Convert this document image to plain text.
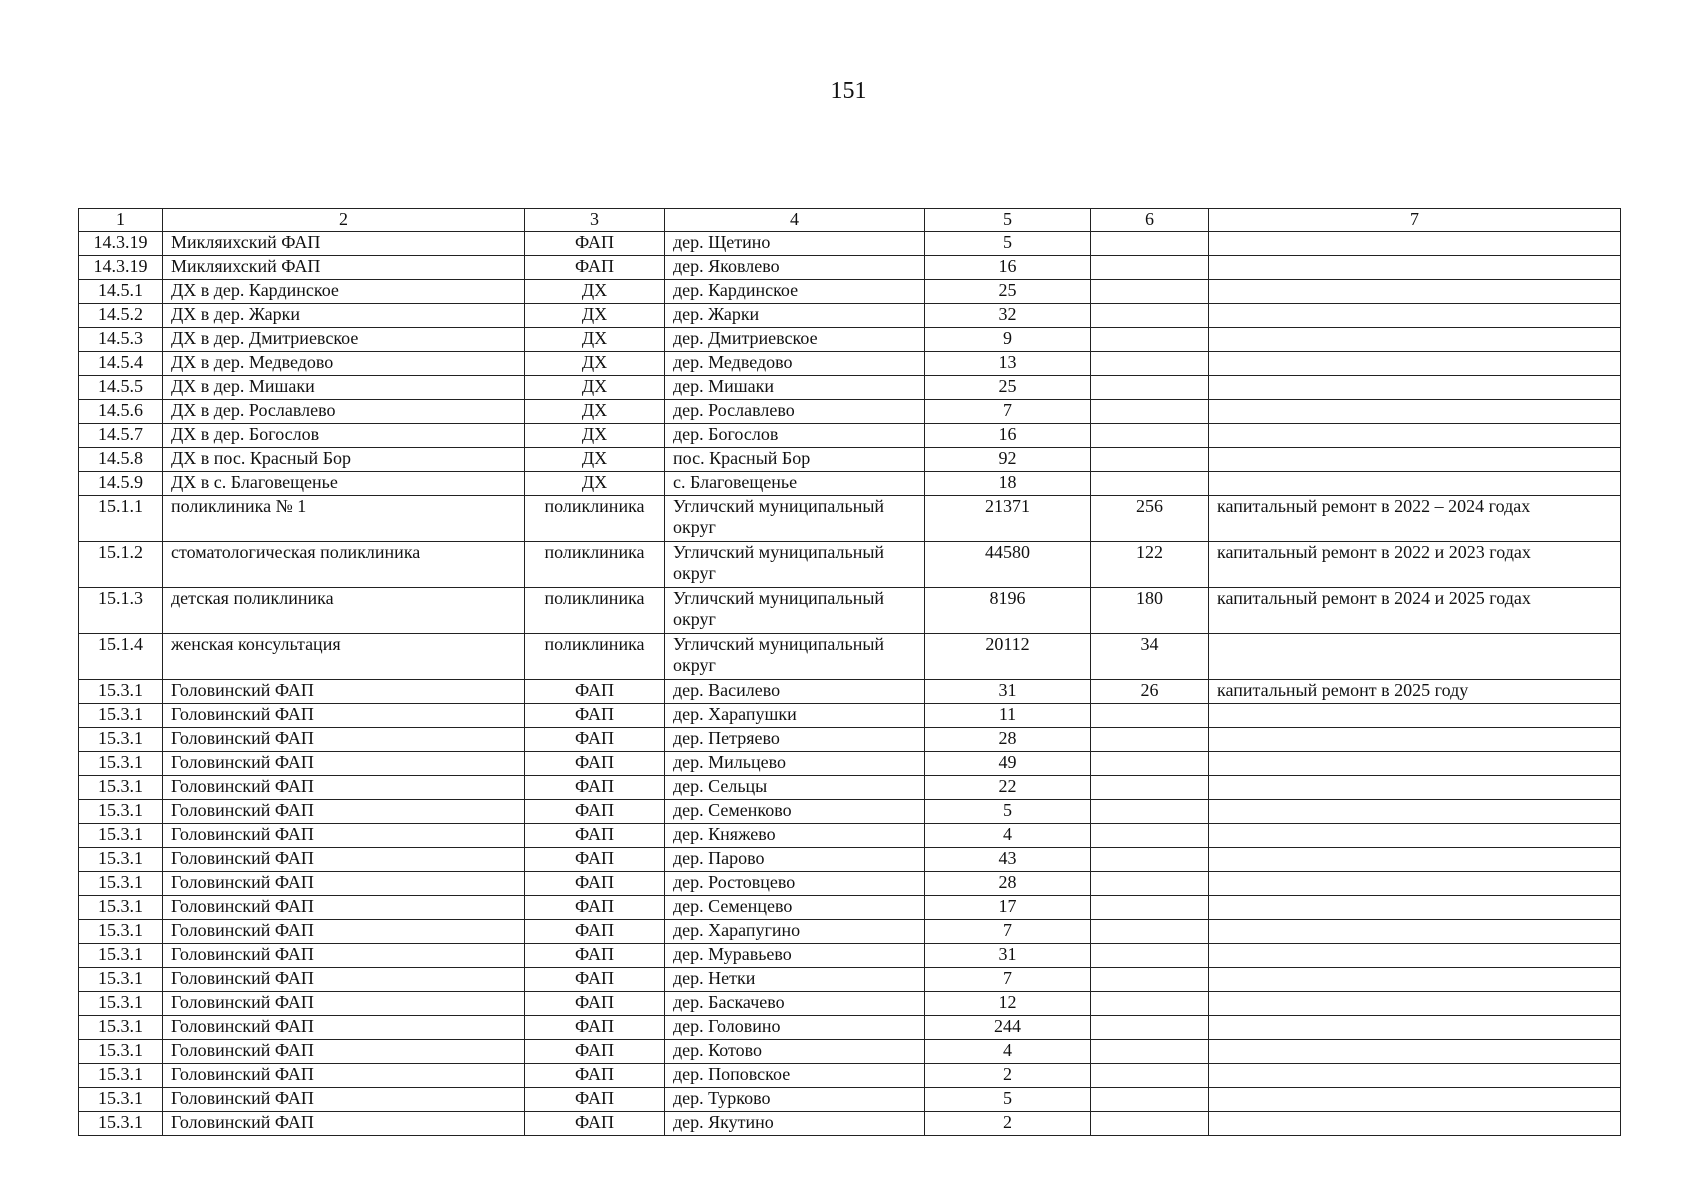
151
1	2	3	4	5	6	7
14.3.19	Микляихский ФАП	ФАП	дер. Щетино	5		
14.3.19	Микляихский ФАП	ФАП	дер. Яковлево	16		
14.5.1	ДХ в дер. Кардинское	ДХ	дер. Кардинское	25		
14.5.2	ДХ в дер. Жарки	ДХ	дер. Жарки	32		
14.5.3	ДХ в дер. Дмитриевское	ДХ	дер. Дмитриевское	9		
14.5.4	ДХ в дер. Медведово	ДХ	дер. Медведово	13		
14.5.5	ДХ в дер. Мишаки	ДХ	дер. Мишаки	25		
14.5.6	ДХ в дер. Рославлево	ДХ	дер. Рославлево	7		
14.5.7	ДХ в дер. Богослов	ДХ	дер. Богослов	16		
14.5.8	ДХ в пос. Красный Бор	ДХ	пос. Красный Бор	92		
14.5.9	ДХ в с. Благовещенье	ДХ	с. Благовещенье	18		
15.1.1	поликлиника № 1	поликлиника	Угличский муниципальный округ	21371	256	капитальный ремонт в 2022 – 2024 годах
15.1.2	стоматологическая поликлиника	поликлиника	Угличский муниципальный округ	44580	122	капитальный ремонт в 2022 и 2023 годах
15.1.3	детская поликлиника	поликлиника	Угличский муниципальный округ	8196	180	капитальный ремонт в 2024 и 2025 годах
15.1.4	женская консультация	поликлиника	Угличский муниципальный округ	20112	34	
15.3.1	Головинский ФАП	ФАП	дер. Василево	31	26	капитальный ремонт в 2025 году
15.3.1	Головинский ФАП	ФАП	дер. Харапушки	11		
15.3.1	Головинский ФАП	ФАП	дер. Петряево	28		
15.3.1	Головинский ФАП	ФАП	дер. Мильцево	49		
15.3.1	Головинский ФАП	ФАП	дер. Сельцы	22		
15.3.1	Головинский ФАП	ФАП	дер. Семенково	5		
15.3.1	Головинский ФАП	ФАП	дер. Княжево	4		
15.3.1	Головинский ФАП	ФАП	дер. Парово	43		
15.3.1	Головинский ФАП	ФАП	дер. Ростовцево	28		
15.3.1	Головинский ФАП	ФАП	дер. Семенцево	17		
15.3.1	Головинский ФАП	ФАП	дер. Харапугино	7		
15.3.1	Головинский ФАП	ФАП	дер. Муравьево	31		
15.3.1	Головинский ФАП	ФАП	дер. Нетки	7		
15.3.1	Головинский ФАП	ФАП	дер. Баскачево	12		
15.3.1	Головинский ФАП	ФАП	дер. Головино	244		
15.3.1	Головинский ФАП	ФАП	дер. Котово	4		
15.3.1	Головинский ФАП	ФАП	дер. Поповское	2		
15.3.1	Головинский ФАП	ФАП	дер. Турково	5		
15.3.1	Головинский ФАП	ФАП	дер. Якутино	2		
